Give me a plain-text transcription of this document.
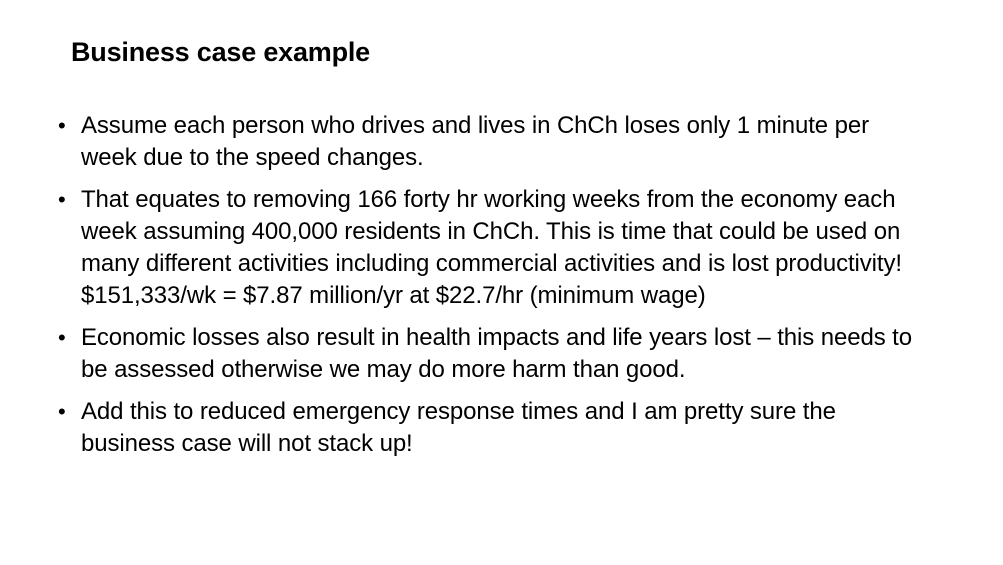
Business case example
• Assume each person who drives and lives in ChCh loses only 1 minute per week due to the speed changes.
• That equates to removing 166 forty hr working weeks from the economy each week assuming 400,000 residents in ChCh. This is time that could be used on many different activities including commercial activities and is lost productivity! $151,333/wk = $7.87 million/yr at $22.7/hr (minimum wage)
• Economic losses also result in health impacts and life years lost – this needs to be assessed otherwise we may do more harm than good.
• Add this to reduced emergency response times and I am pretty sure the business case will not stack up!
